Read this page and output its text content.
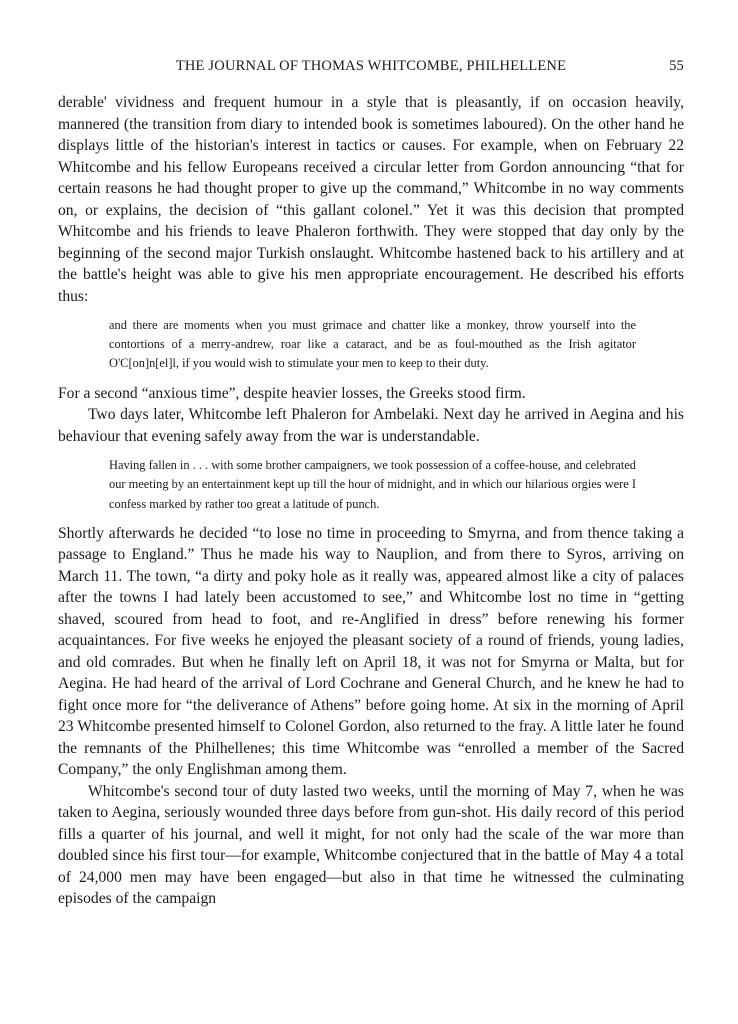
THE JOURNAL OF THOMAS WHITCOMBE, PHILHELLENE	55

derable' vividness and frequent humour in a style that is pleasantly, if on occasion heavily, mannered (the transition from diary to intended book is sometimes laboured). On the other hand he displays little of the historian's interest in tactics or causes. For example, when on February 22 Whitcombe and his fellow Europeans received a circular letter from Gordon announcing “that for certain reasons he had thought proper to give up the command,” Whitcombe in no way comments on, or explains, the decision of “this gallant colonel.” Yet it was this decision that prompted Whitcombe and his friends to leave Phaleron forthwith. They were stopped that day only by the beginning of the second major Turkish onslaught. Whitcombe hastened back to his artillery and at the battle's height was able to give his men appropriate encouragement. He described his efforts thus:

and there are moments when you must grimace and chatter like a monkey, throw yourself into the contortions of a merry-andrew, roar like a cataract, and be as foul-mouthed as the Irish agitator O'C[on]n[el]l, if you would wish to stimulate your men to keep to their duty.

For a second “anxious time”, despite heavier losses, the Greeks stood firm.

Two days later, Whitcombe left Phaleron for Ambelaki. Next day he arrived in Aegina and his behaviour that evening safely away from the war is understandable.

Having fallen in . . . with some brother campaigners, we took possession of a coffee-house, and celebrated our meeting by an entertainment kept up till the hour of midnight, and in which our hilarious orgies were I confess marked by rather too great a latitude of punch.

Shortly afterwards he decided “to lose no time in proceeding to Smyrna, and from thence taking a passage to England.” Thus he made his way to Nauplion, and from there to Syros, arriving on March 11. The town, “a dirty and poky hole as it really was, appeared almost like a city of palaces after the towns I had lately been accustomed to see,” and Whitcombe lost no time in “getting shaved, scoured from head to foot, and re-Anglified in dress” before renewing his former acquaintances. For five weeks he enjoyed the pleasant society of a round of friends, young ladies, and old comrades. But when he finally left on April 18, it was not for Smyrna or Malta, but for Aegina. He had heard of the arrival of Lord Cochrane and General Church, and he knew he had to fight once more for “the deliverance of Athens” before going home. At six in the morning of April 23 Whitcombe presented himself to Colonel Gordon, also returned to the fray. A little later he found the remnants of the Philhellenes; this time Whitcombe was “enrolled a member of the Sacred Company,” the only Englishman among them.

Whitcombe's second tour of duty lasted two weeks, until the morning of May 7, when he was taken to Aegina, seriously wounded three days before from gun-shot. His daily record of this period fills a quarter of his journal, and well it might, for not only had the scale of the war more than doubled since his first tour—for example, Whitcombe conjectured that in the battle of May 4 a total of 24,000 men may have been engaged—but also in that time he witnessed the culminating episodes of the campaign
